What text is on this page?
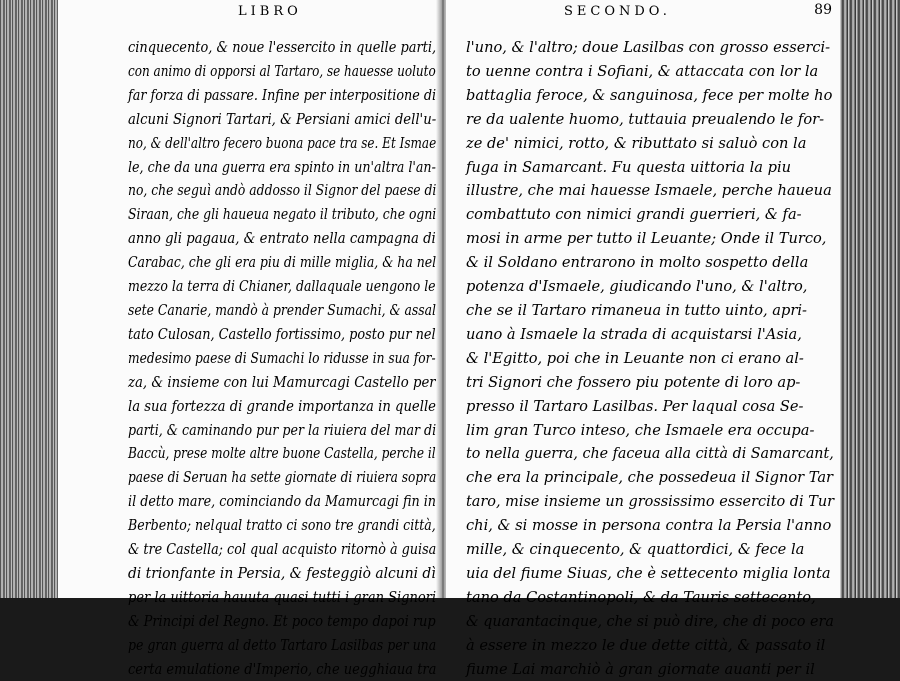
LIBRO
cinquecento, & noue l'essercito in quelle parti,
con animo di opporsi al Tartaro, se hauesse uoluto
far forza di passare. Infine per interpositione di
alcuni Signori Tartari, & Persiani amici dell'u-
no, & dell'altro fecero buona pace tra se. Et Ismae
le, che da una guerra era spinto in un'altra l'an-
no, che seguì andò addosso il Signor del paese di
Siraan, che gli haueua negato il tributo, che ogni
anno gli pagaua, & entrato nella campagna di
Carabac, che gli era piu di mille miglia, & ha nel
mezzo la terra di Chianer, dallaquale uengono le
sete Canarie, mandò à prender Sumachi, & assal
tato Culosan, Castello fortissimo, posto pur nel
medesimo paese di Sumachi lo ridusse in sua for-
za, & insieme con lui Mamurcagi Castello per
la sua fortezza di grande importanza in quelle
parti, & caminando pur per la riuiera del mar di
Baccù, prese molte altre buone Castella, perche il
paese di Seruan ha sette giornate di riuiera sopra
il detto mare, cominciando da Mamurcagi fin in
Berbento; nelqual tratto ci sono tre grandi città,
& tre Castella; col qual acquisto ritornò à guisa
di trionfante in Persia, & festeggiò alcuni dì
per la uittoria hauuta quasi tutti i gran Signori
& Principi del Regno. Et poco tempo dapoi rup
pe gran guerra al detto Tartaro Lasilbas per una
certa emulatione d'Imperio, che uegghiaua tra
SECONDO.	89
l'uno, & l'altro; doue Lasilbas con grosso esserci-
to uenne contra i Sofiani, & attaccata con lor la
battaglia feroce, & sanguinosa, fece per molte ho
re da ualente huomo, tuttauia preualendo le for-
ze de' nimici, rotto, & ributtato si saluò con la
fuga in Samarcant. Fu questa uittoria la piu
illustre, che mai hauesse Ismaele, perche haueua
combattuto con nimici grandi guerrieri, & fa-
mosi in arme per tutto il Leuante; Onde il Turco,
& il Soldano entrarono in molto sospetto della
potenza d'Ismaele, giudicando l'uno, & l'altro,
che se il Tartaro rimaneua in tutto uinto, apri-
uano à Ismaele la strada di acquistarsi l'Asia,
& l'Egitto, poi che in Leuante non ci erano al-
tri Signori che fossero piu potente di loro ap-
presso il Tartaro Lasilbas. Per laqual cosa Se-
lim gran Turco inteso, che Ismaele era occupa-
to nella guerra, che faceua alla città di Samarcant,
che era la principale, che possedeua il Signor Tar
taro, mise insieme un grossissimo essercito di Tur
chi, & si mosse in persona contra la Persia l'anno
mille, & cinquecento, & quattordici, & fece la
uia del fiume Siuas, che è settecento miglia lonta
tano da Costantinopoli, & da Tauris settecento,
& quarantacinque, che si può dire, che di poco era
à essere in mezzo le due dette città, & passato il
fiume Lai marchiò à gran giornate auanti per il
